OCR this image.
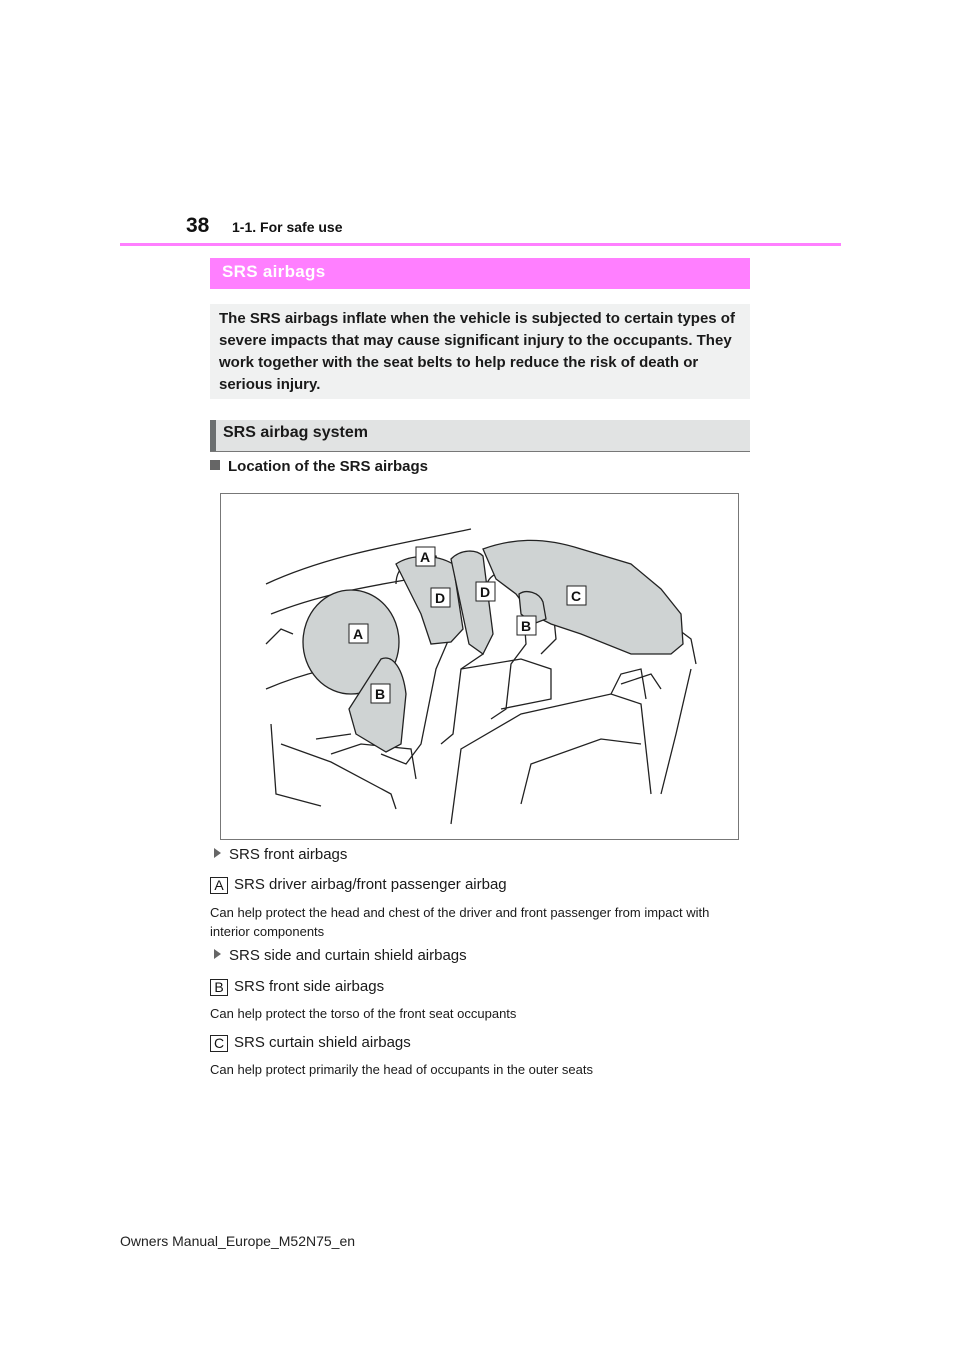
38 1-1. For safe use
SRS airbags

The SRS airbags inflate when the vehicle is subjected to certain types of severe impacts that may cause significant injury to the occupants. They work together with the seat belts to help reduce the risk of death or serious injury.

SRS airbag system
Location of the SRS airbags
A
D D	C
A	B
B
SRS front airbags
A SRS driver airbag/front passenger airbag
Can help protect the head and chest of the driver and front passenger from impact with interior components
SRS side and curtain shield airbags
B SRS front side airbags
Can help protect the torso of the front seat occupants
C SRS curtain shield airbags
Can help protect primarily the head of occupants in the outer seats
Owners Manual_Europe_M52N75_en
